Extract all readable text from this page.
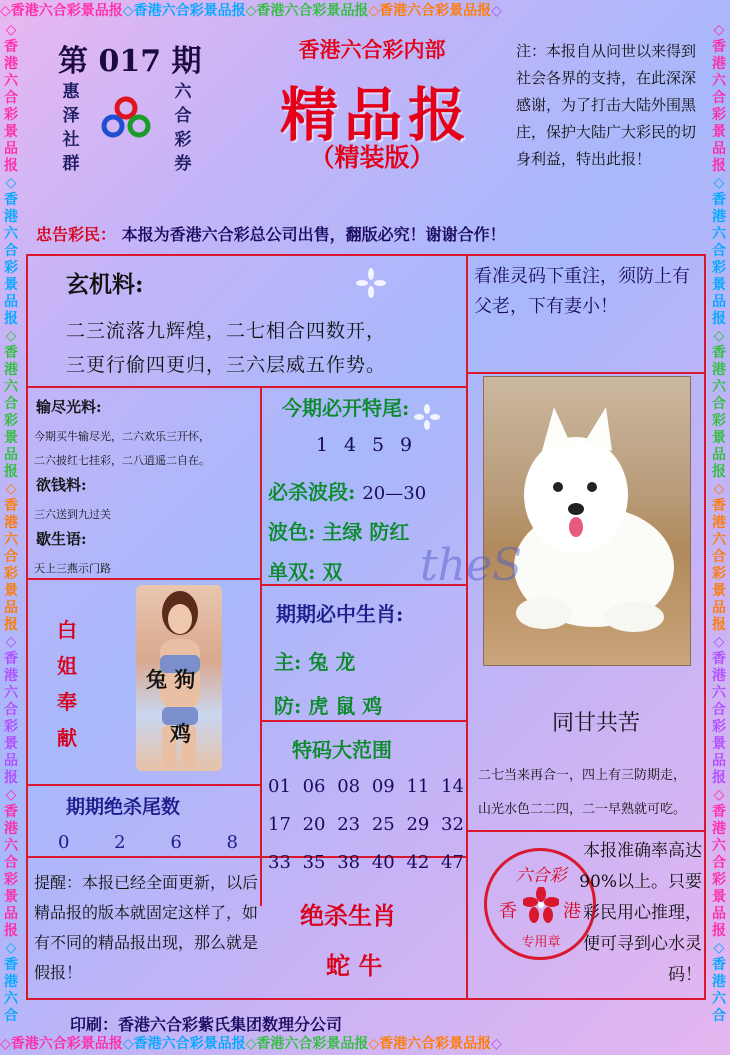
◇香港六合彩景品报◇香港六合彩景品报◇香港六合彩景品报◇香港六合彩景品报◇
◇香港六合彩景品报◇香港六合彩景品报◇香港六合彩景品报◇香港六合彩景品报◇
◇
香
港
六
合
彩
景
品
报
◇
香
港
六
合
彩
景
品
报
◇
香
港
六
合
彩
景
品
报
◇
香
港
六
合
彩
景
品
报
◇
香
港
六
合
彩
景
品
报
◇
香
港
六
合
彩
景
品
报
◇
香
港
六
合
◇
香
港
六
合
彩
景
品
报
◇
香
港
六
合
彩
景
品
报
◇
香
港
六
合
彩
景
品
报
◇
香
港
六
合
彩
景
品
报
◇
香
港
六
合
彩
景
品
报
◇
香
港
六
合
彩
景
品
报
◇
香
港
六
合
第 017 期
惠
泽
社
群
六
合
彩
券
香港六合彩内部
精品报
（精装版）
注：本报自从问世以来得到社会各界的支持，在此深深感谢，为了打击大陆外围黑庄，保护大陆广大彩民的切身利益，特出此报！
忠告彩民： 本报为香港六合彩总公司出售，翻版必究！谢谢合作！
玄机料:
二三流落九辉煌，二七相合四数开，
三更行偷四更归，三六层威五作势。
看准灵码下重注，须防上有父老，下有妻小！
输尽光料:
今期买牛输尽光，二六欢乐三开怀，
二六披红七挂彩，二八逍遥二自在。
欲钱料:
三六送到九过关
歇生语:
天上三燕示门路
白
姐
奉
献
兔 狗
鸡
期期绝杀尾数
0 2 6 8
提醒：本报已经全面更新，以后精品报的版本就固定这样了，如有不同的精品报出现，那么就是假报！
今期必开特尾:
1 4 5 9
必杀波段: 20—30
波色: 主绿 防红
单双: 双
期期必中生肖:
主: 兔 龙
防: 虎 鼠 鸡
特码大范围
01 06 08 09 11 14
17 20 23 25 29 32
33 35 38 40 42 47
绝杀生肖
蛇 牛
theS
同甘共苦
二七当来再合一，四上有三防期走，
山光水色二二四，二一早熟就可吃。
六合彩
香	港
专用章
本报准确率高达90%以上。只要彩民用心推理，便可寻到心水灵码！
印刷：香港六合彩紫氏集团数理分公司
